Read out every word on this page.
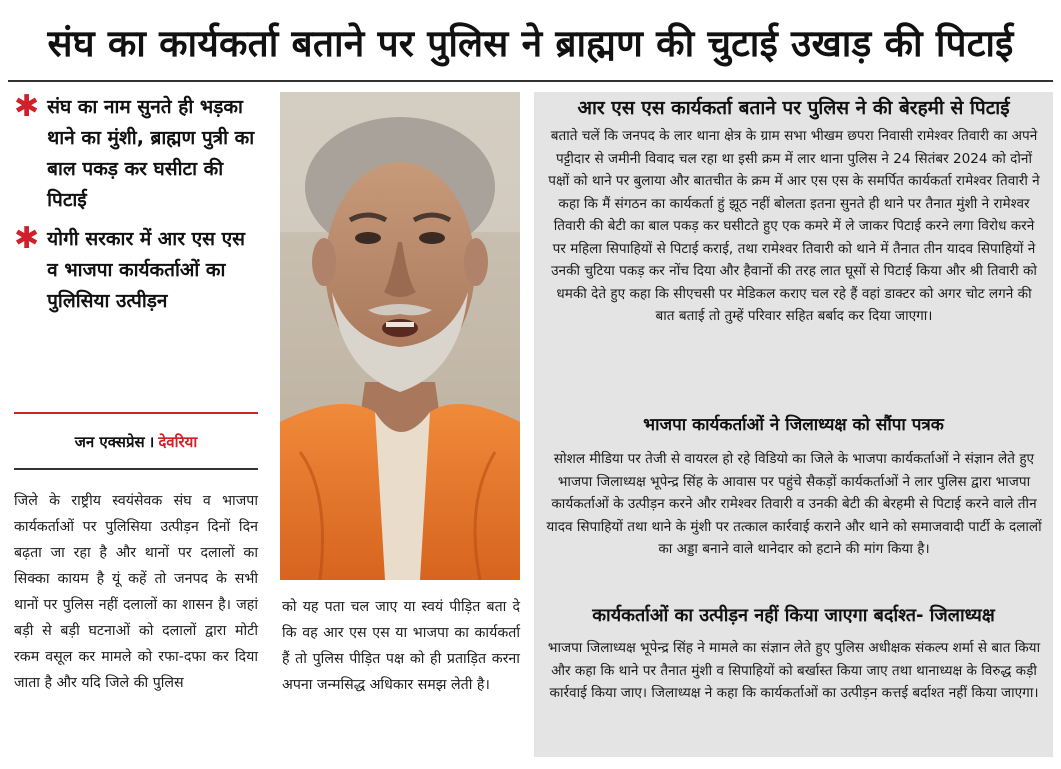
संघ का कार्यकर्ता बताने पर पुलिस ने ब्राह्मण की चुटाई उखाड़ की पिटाई
✱ संघ का नाम सुनते ही भड़का थाने का मुंशी, ब्राह्मण पुत्री का बाल पकड़ कर घसीटा की पिटाई
✱ योगी सरकार में आर एस एस व भाजपा कार्यकर्ताओं का पुलिसिया उत्पीड़न
जन एक्सप्रेस । देवरिया
जिले के राष्ट्रीय स्वयंसेवक संघ व भाजपा कार्यकर्ताओं पर पुलिसिया उत्पीड़न दिनों दिन बढ़ता जा रहा है और थानों पर दलालों का सिक्का कायम है यूं कहें तो जनपद के सभी थानों पर पुलिस नहीं दलालों का शासन है। जहां बड़ी से बड़ी घटनाओं को दलालों द्वारा मोटी रकम वसूल कर मामले को रफा-दफा कर दिया जाता है और यदि जिले की पुलिस
को यह पता चल जाए या स्वयं पीड़ित बता दे कि वह आर एस एस या भाजपा का कार्यकर्ता हैं तो पुलिस पीड़ित पक्ष को ही प्रताड़ित करना अपना जन्मसिद्ध अधिकार समझ लेती है।
आर एस एस कार्यकर्ता बताने पर पुलिस ने की बेरहमी से पिटाई
बताते चलें कि जनपद के लार थाना क्षेत्र के ग्राम सभा भीखम छपरा निवासी रामेश्वर तिवारी का अपने पट्टीदार से जमीनी विवाद चल रहा था इसी क्रम में लार थाना पुलिस ने 24 सितंबर 2024 को दोनों पक्षों को थाने पर बुलाया और बातचीत के क्रम में आर एस एस के समर्पित कार्यकर्ता रामेश्वर तिवारी ने कहा कि मैं संगठन का कार्यकर्ता हुं झूठ नहीं बोलता इतना सुनते ही थाने पर तैनात मुंशी ने रामेश्वर तिवारी की बेटी का बाल पकड़ कर घसीटते हुए एक कमरे में ले जाकर पिटाई करने लगा विरोध करने पर महिला सिपाहियों से पिटाई कराई, तथा रामेश्वर तिवारी को थाने में तैनात तीन यादव सिपाहियों ने उनकी चुटिया पकड़ कर नोंच दिया और हैवानों की तरह लात घूसों से पिटाई किया और श्री तिवारी को धमकी देते हुए कहा कि सीएचसी पर मेडिकल कराए चल रहे हैं वहां डाक्टर को अगर चोट लगने की बात बताई तो तुम्हें परिवार सहित बर्बाद कर दिया जाएगा।
भाजपा कार्यकर्ताओं ने जिलाध्यक्ष को सौंपा पत्रक
सोशल मीडिया पर तेजी से वायरल हो रहे विडियो का जिले के भाजपा कार्यकर्ताओं ने संज्ञान लेते हुए भाजपा जिलाध्यक्ष भूपेन्द्र सिंह के आवास पर पहुंचे सैकड़ों कार्यकर्ताओं ने लार पुलिस द्वारा भाजपा कार्यकर्ताओं के उत्पीड़न करने और रामेश्वर तिवारी व उनकी बेटी की बेरहमी से पिटाई करने वाले तीन यादव सिपाहियों तथा थाने के मुंशी पर तत्काल कार्रवाई कराने और थाने को समाजवादी पार्टी के दलालों का अड्डा बनाने वाले थानेदार को हटाने की मांग किया है।
कार्यकर्ताओं का उत्पीड़न नहीं किया जाएगा बर्दाश्त- जिलाध्यक्ष
भाजपा जिलाध्यक्ष भूपेन्द्र सिंह ने मामले का संज्ञान लेते हुए पुलिस अधीक्षक संकल्प शर्मा से बात किया और कहा कि थाने पर तैनात मुंशी व सिपाहियों को बर्खास्त किया जाए तथा थानाध्यक्ष के विरुद्ध कड़ी कार्रवाई किया जाए। जिलाध्यक्ष ने कहा कि कार्यकर्ताओं का उत्पीड़न कत्तई बर्दाश्त नहीं किया जाएगा।
